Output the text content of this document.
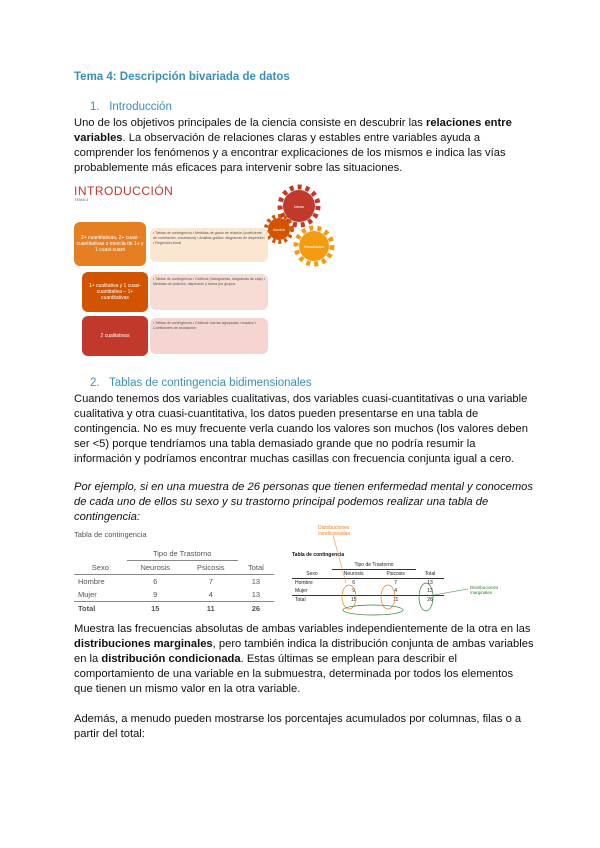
Tema 4: Descripción bivariada de datos
1. Introducción
Uno de los objetivos principales de la ciencia consiste en descubrir las relaciones entre variables. La observación de relaciones claras y estables entre variables ayuda a comprender los fenómenos y a encontrar explicaciones de los mismos e indica las vías probablemente más eficaces para intervenir sobre las situaciones.
INTRODUCCIÓN
TEMA 4
Ideas
Acción
Resultados
2+ cuantitativas, 2+ cuasi-cuantitativas o mezcla de 1+ y 1 cuasi-cuant
• Tablas de contingencia • Medidas de grado de relación (coeficiente de correlación, covarianza) • Análisis gráfico: diagramas de dispersión • Regresión lineal
1+ cualitativa y 1 cuasi-cuantitativa – 1+ cuantitativas
• Tablas de contingencia • Gráficos (histogramas, diagramas de caja) • Medidas de posición, dispersión y forma por grupos
2 cualitativas
• Tablas de contingencia • Gráficos: barras agrupadas, mosaico • Coeficientes de asociación
2. Tablas de contingencia bidimensionales
Cuando tenemos dos variables cualitativas, dos variables cuasi-cuantitativas o una variable cualitativa y otra cuasi-cuantitativa, los datos pueden presentarse en una tabla de contingencia. No es muy frecuente verla cuando los valores son muchos (los valores deben ser <5) porque tendríamos una tabla demasiado grande que no podría resumir la información y podríamos encontrar muchas casillas con frecuencia conjunta igual a cero.
Por ejemplo, si en una muestra de 26 personas que tienen enfermedad mental y conocemos de cada uno de ellos su sexo y su trastorno principal podemos realizar una tabla de contingencia:
Tabla de contingencia
	Tipo de Trastorno		
Sexo	Neurosis	Psicosis	Total
Hombre	6	7	13
Mujer	9	4	13
Total	15	11	26
Distribuciones condicionadas
Distribuciones marginales
Tabla de contingencia
	Tipo de Trastorno		
Sexo	Neurosis	Psicosis	Total
Hombre	6	7	13
Mujer	9	4	13
Total	15	11	26
Muestra las frecuencias absolutas de ambas variables independientemente de la otra en las distribuciones marginales, pero también indica la distribución conjunta de ambas variables en la distribución condicionada. Estas últimas se emplean para describir el comportamiento de una variable en la submuestra, determinada por todos los elementos que tienen un mismo valor en la otra variable.
Además, a menudo pueden mostrarse los porcentajes acumulados por columnas, filas o a partir del total:
